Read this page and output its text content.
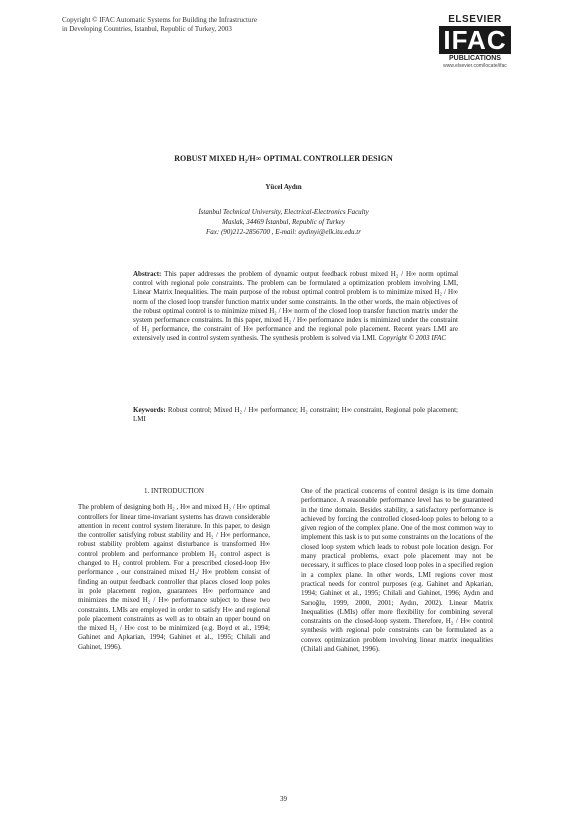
Copyright © IFAC Automatic Systems for Building the Infrastructure
in Developing Countries, Istanbul, Republic of Turkey, 2003
ELSEVIER
IFAC
PUBLICATIONS
www.elsevier.com/locate/ifac
ROBUST MIXED H₂/H∞ OPTIMAL CONTROLLER DESIGN
Yücel Aydın
İstanbul Technical University, Electrical-Electronics Faculty
Maslak, 34469 İstanbul, Republic of Turkey
Fax: (90)212-2856700 , E-mail: aydinyi@elk.itu.edu.tr
Abstract: This paper addresses the problem of dynamic output feedback robust mixed H₂ / H∞ norm optimal control with regional pole constraints. The problem can be formulated a optimization problem involving LMI, Linear Matrix Inequalities. The main purpose of the robust optimal control problem is to minimize mixed H₂ / H∞ norm of the closed loop transfer function matrix under some constraints. In the other words, the main objectives of the robust optimal control is to minimize mixed H₂ / H∞ norm of the closed loop transfer function matrix under the system performance constraints. In this paper, mixed H₂ / H∞ performance index is minimized under the constraint of H₂ performance, the constraint of H∞ performance and the regional pole placement. Recent years LMI are extensively used in control system synthesis. The synthesis problem is solved via LMI. Copyright © 2003 IFAC
Keywords: Robust control; Mixed H₂ / H∞ performance; H₂ constraint; H∞ constraint, Regional pole placement; LMI
1. INTRODUCTION

The problem of designing both H₂ , H∞ and mixed H₂ / H∞ optimal controllers for linear time-invariant systems has drawn considerable attention in recent control system literature. In this paper, to design the controller satisfying robust stability and H₂ / H∞ performance, robust stability problem against disturbance is transformed H∞ control problem and performance problem H₂ control aspect is changed to H₂ control problem. For a prescribed closed-loop H∞ performance , our constrained mixed H₂/ H∞ problem consist of finding an output feedback controller that places closed loop poles in pole placement region, guarantees H∞ performance and minimizes the mixed H₂ / H∞ performance subject to these two constraints. LMIs are employed in order to satisfy H∞ and regional pole placement constraints as well as to obtain an upper bound on the mixed H₂ / H∞ cost to be minimized (e.g. Boyd et al., 1994; Gahinet and Apkarian, 1994; Gahinet et al., 1995; Chilali and Gahinet, 1996).

One of the practical concerns of control design is its time domain performance. A reasonable performance level has to be guaranteed in the time domain. Besides stability, a satisfactory performance is achieved by forcing the controlled closed-loop poles to belong to a given region of the complex plane. One of the most common way to implement this task is to put some constraints on the locations of the closed loop system which leads to robust pole location design. For many practical problems, exact pole placement may not be necessary, it suffices to place closed loop poles in a specified region in a complex plane. In other words, LMI regions cover most practical needs for control purposes (e.g. Gahinet and Apkarian, 1994; Gahinet et al., 1995; Chilali and Gahinet, 1996; Aydın and Sarıoğlu, 1999, 2000, 2001; Aydın, 2002). Linear Matrix Inequalities (LMIs) offer more flexibility for combining several constraints on the closed-loop system. Therefore, H₂ / H∞ control synthesis with regional pole constraints can be formulated as a convex optimization problem involving linear matrix inequalities (Chilali and Gahinet, 1996).

39
